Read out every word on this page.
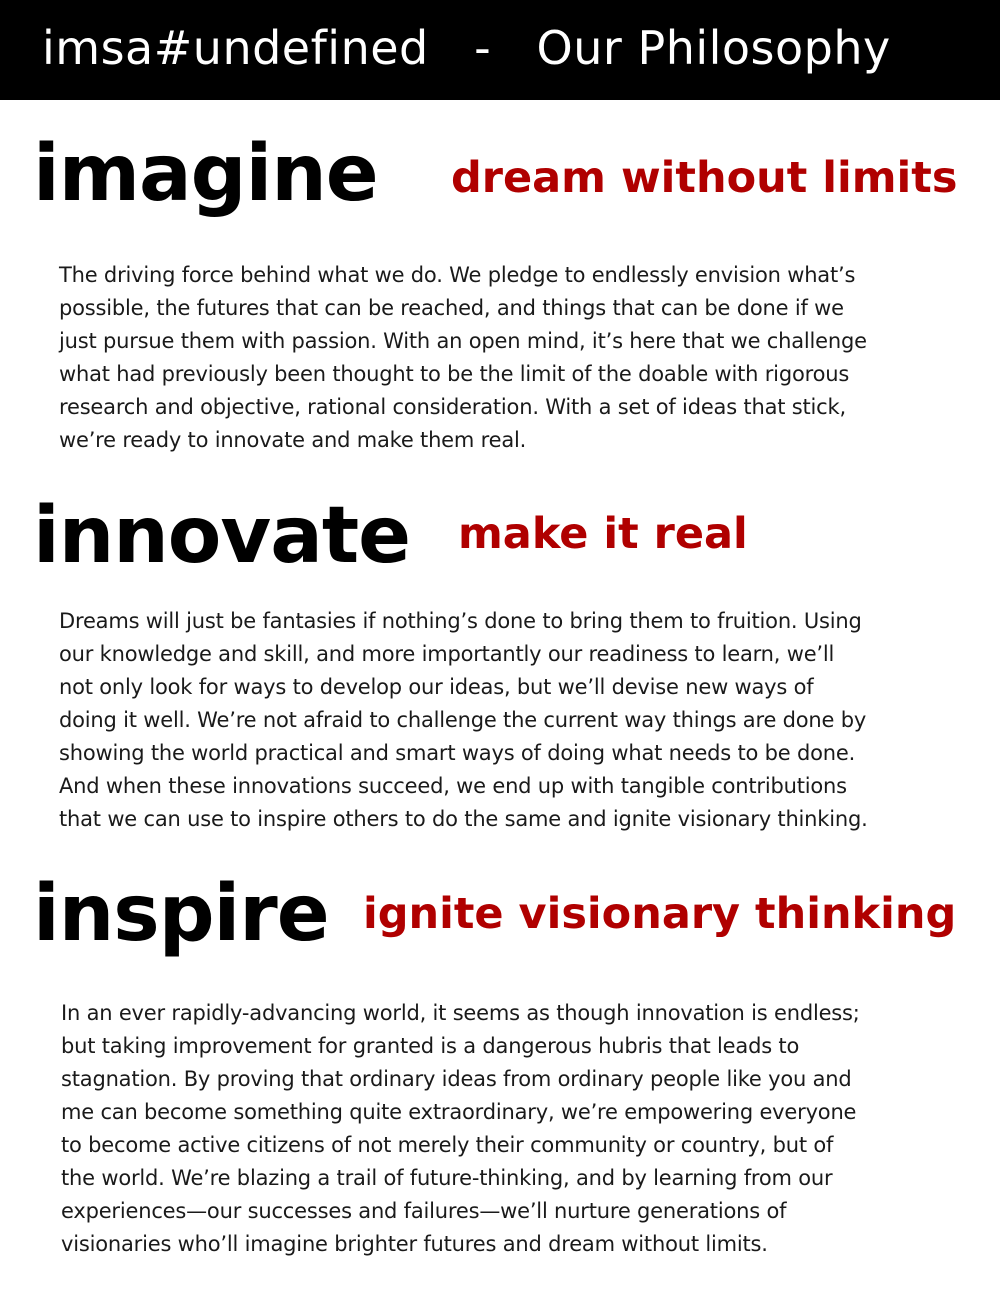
imsa#undefined   -   Our Philosophy
imagine dream without limits
The driving force behind what we do. We pledge to endlessly envision what’s
possible, the futures that can be reached, and things that can be done if we
just pursue them with passion. With an open mind, it’s here that we challenge
what had previously been thought to be the limit of the doable with rigorous
research and objective, rational consideration. With a set of ideas that stick,
we’re ready to innovate and make them real.
innovate make it real
Dreams will just be fantasies if nothing’s done to bring them to fruition. Using
our knowledge and skill, and more importantly our readiness to learn, we’ll
not only look for ways to develop our ideas, but we’ll devise new ways of
doing it well. We’re not afraid to challenge the current way things are done by
showing the world practical and smart ways of doing what needs to be done.
And when these innovations succeed, we end up with tangible contributions
that we can use to inspire others to do the same and ignite visionary thinking.
inspire ignite visionary thinking
In an ever rapidly-advancing world, it seems as though innovation is endless;
but taking improvement for granted is a dangerous hubris that leads to
stagnation. By proving that ordinary ideas from ordinary people like you and
me can become something quite extraordinary, we’re empowering everyone
to become active citizens of not merely their community or country, but of
the world. We’re blazing a trail of future-thinking, and by learning from our
experiences—our successes and failures—we’ll nurture generations of
visionaries who’ll imagine brighter futures and dream without limits.
